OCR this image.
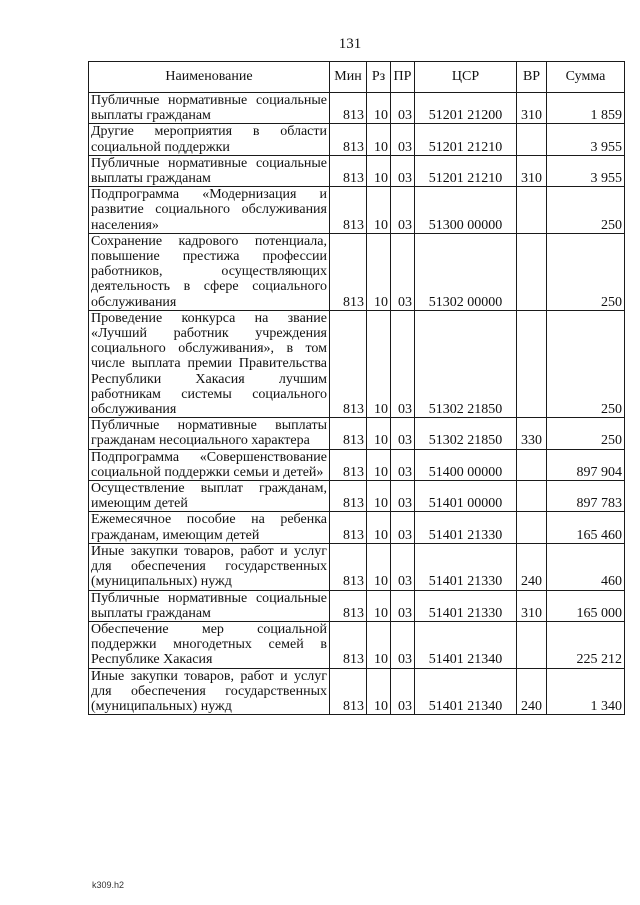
131
Наименование	Мин	Рз	ПР	ЦСР	ВР	Сумма
Публичные нормативные социальные выплаты гражданам	813	10	03	51201 21200	310	1 859
Другие мероприятия в области социальной поддержки	813	10	03	51201 21210		3 955
Публичные нормативные социальные выплаты гражданам	813	10	03	51201 21210	310	3 955
Подпрограмма «Модернизация и развитие социального обслуживания населения»	813	10	03	51300 00000		250
Сохранение кадрового потенциала, повышение престижа профессии работников, осуществляющих деятельность в сфере социального обслуживания	813	10	03	51302 00000		250
Проведение конкурса на звание «Лучший работник учреждения социального обслуживания», в том числе выплата премии Правительства Республики Хакасия лучшим работникам системы социального обслуживания	813	10	03	51302 21850		250
Публичные нормативные выплаты гражданам несоциального характера	813	10	03	51302 21850	330	250
Подпрограмма «Совершенствование социальной поддержки семьи и детей»	813	10	03	51400 00000		897 904
Осуществление выплат гражданам, имеющим детей	813	10	03	51401 00000		897 783
Ежемесячное пособие на ребенка гражданам, имеющим детей	813	10	03	51401 21330		165 460
Иные закупки товаров, работ и услуг для обеспечения государственных (муниципальных) нужд	813	10	03	51401 21330	240	460
Публичные нормативные социальные выплаты гражданам	813	10	03	51401 21330	310	165 000
Обеспечение мер социальной поддержки многодетных семей в Республике Хакасия	813	10	03	51401 21340		225 212
Иные закупки товаров, работ и услуг для обеспечения государственных (муниципальных) нужд	813	10	03	51401 21340	240	1 340
k309.h2
